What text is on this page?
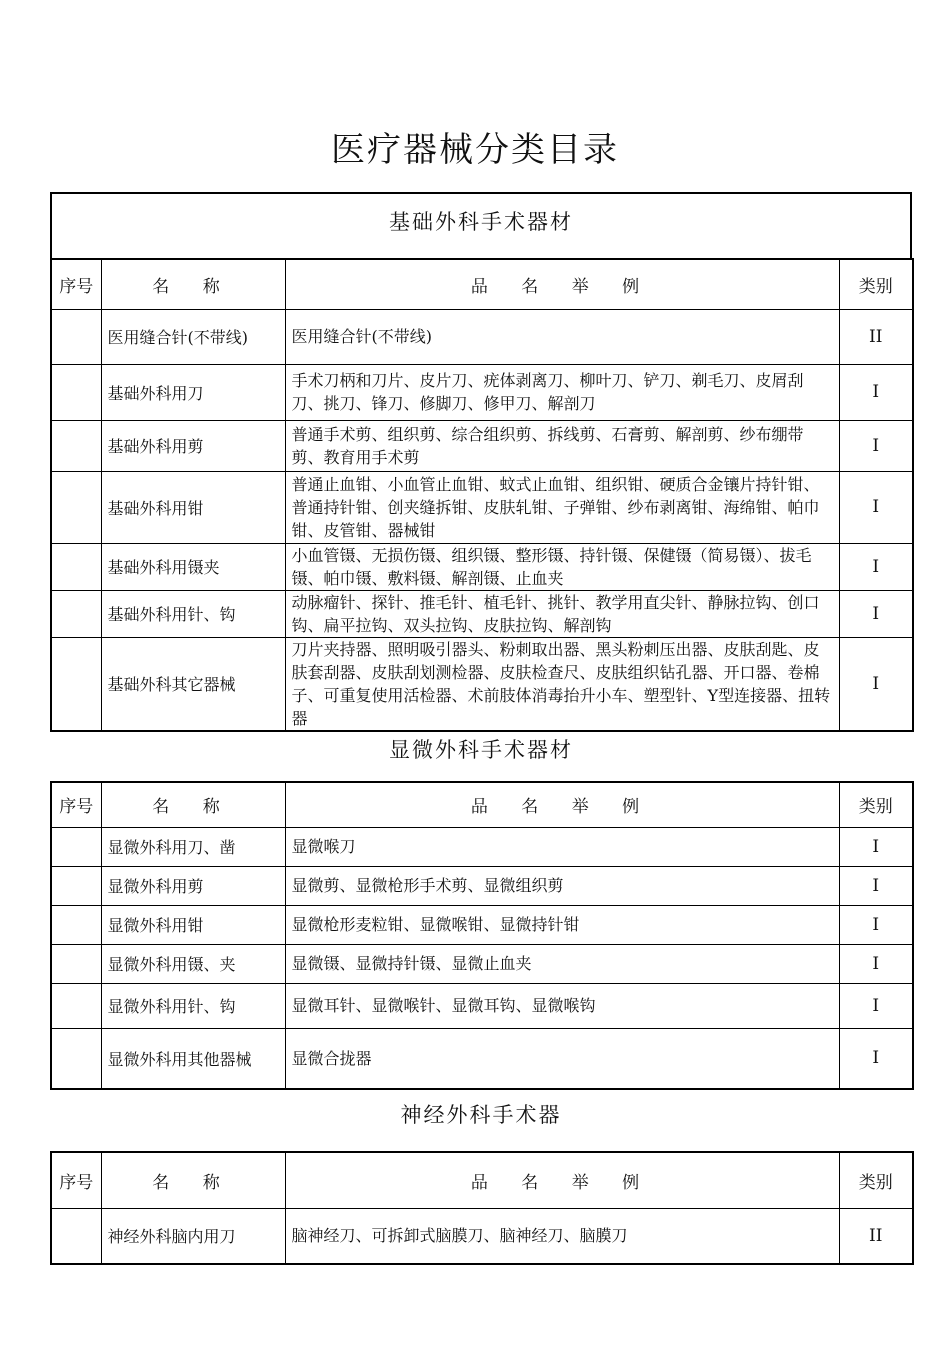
医疗器械分类目录
基础外科手术器材
序号	名 称	品 名 举 例	类别
	医用缝合针(不带线)	医用缝合针(不带线)	II
	基础外科用刀	手术刀柄和刀片、皮片刀、疣体剥离刀、柳叶刀、铲刀、剃毛刀、皮屑刮刀、挑刀、锋刀、修脚刀、修甲刀、解剖刀	I
	基础外科用剪	普通手术剪、组织剪、综合组织剪、拆线剪、石膏剪、解剖剪、纱布绷带剪、教育用手术剪	I
	基础外科用钳	普通止血钳、小血管止血钳、蚊式止血钳、组织钳、硬质合金镶片持针钳、普通持针钳、创夹缝拆钳、皮肤轧钳、子弹钳、纱布剥离钳、海绵钳、帕巾钳、皮管钳、器械钳	I
	基础外科用镊夹	小血管镊、无损伤镊、组织镊、整形镊、持针镊、保健镊（简易镊）、拔毛镊、帕巾镊、敷料镊、解剖镊、止血夹	I
	基础外科用针、钩	动脉瘤针、探针、推毛针、植毛针、挑针、教学用直尖针、静脉拉钩、创口钩、扁平拉钩、双头拉钩、皮肤拉钩、解剖钩	I
	基础外科其它器械	刀片夹持器、照明吸引器头、粉刺取出器、黑头粉刺压出器、皮肤刮匙、皮肤套刮器、皮肤刮划测检器、皮肤检查尺、皮肤组织钻孔器、开口器、卷棉子、可重复使用活检器、术前肢体消毒抬升小车、塑型针、Y型连接器、扭转器	I
显微外科手术器材
序号	名 称	品 名 举 例	类别
	显微外科用刀、凿	显微喉刀	I
	显微外科用剪	显微剪、显微枪形手术剪、显微组织剪	I
	显微外科用钳	显微枪形麦粒钳、显微喉钳、显微持针钳	I
	显微外科用镊、夹	显微镊、显微持针镊、显微止血夹	I
	显微外科用针、钩	显微耳针、显微喉针、显微耳钩、显微喉钩	I
	显微外科用其他器械	显微合拢器	I
神经外科手术器
序号	名 称	品 名 举 例	类别
	神经外科脑内用刀	脑神经刀、可拆卸式脑膜刀、脑神经刀、脑膜刀	II
